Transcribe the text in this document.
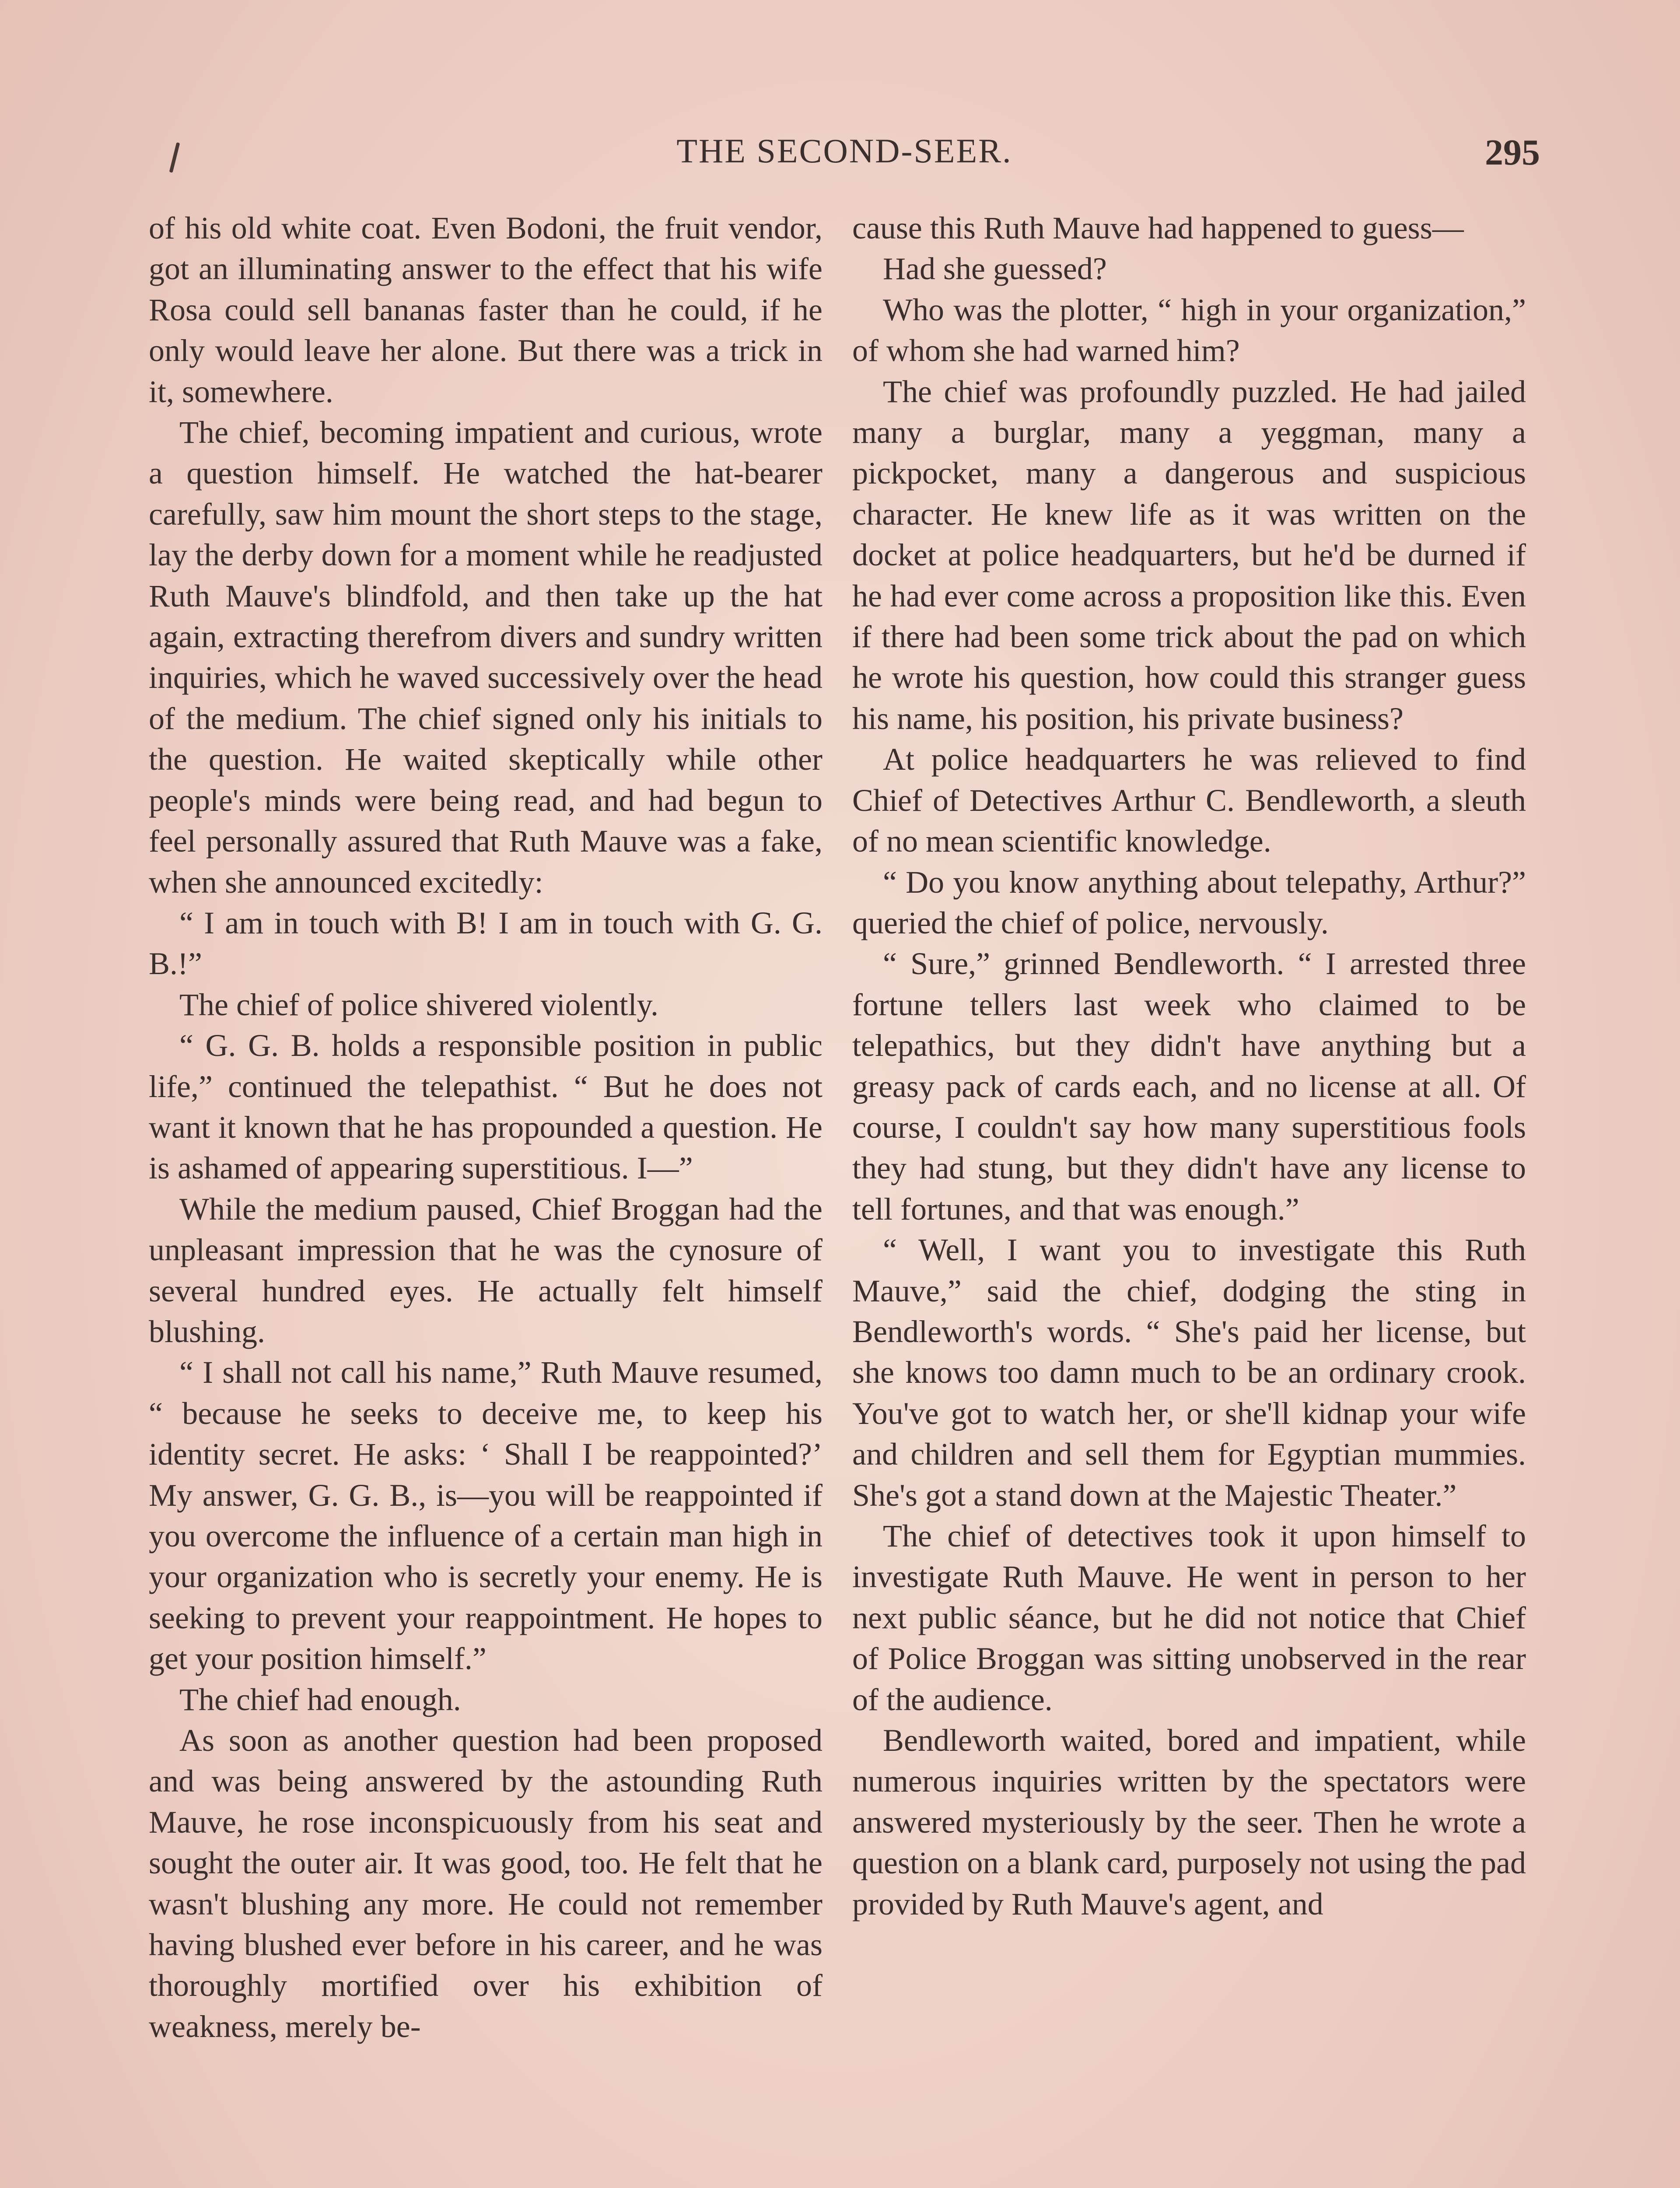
THE SECOND-SEER.	295

of his old white coat. Even Bodoni, the fruit vendor, got an illuminating answer to the effect that his wife Rosa could sell bananas faster than he could, if he only would leave her alone. But there was a trick in it, somewhere.

The chief, becoming impatient and curious, wrote a question himself. He watched the hat-bearer carefully, saw him mount the short steps to the stage, lay the derby down for a moment while he readjusted Ruth Mauve's blindfold, and then take up the hat again, extracting therefrom divers and sundry written inquiries, which he waved successively over the head of the medium. The chief signed only his initials to the question. He waited skeptically while other people's minds were being read, and had begun to feel personally assured that Ruth Mauve was a fake, when she announced excitedly:

“ I am in touch with B! I am in touch with G. G. B.!”

The chief of police shivered violently.

“ G. G. B. holds a responsible position in public life,” continued the telepathist. “ But he does not want it known that he has propounded a question. He is ashamed of appearing superstitious. I—”

While the medium paused, Chief Broggan had the unpleasant impression that he was the cynosure of several hundred eyes. He actually felt himself blushing.

“ I shall not call his name,” Ruth Mauve resumed, “ because he seeks to deceive me, to keep his identity secret. He asks: ‘ Shall I be reappointed?’ My answer, G. G. B., is—you will be reappointed if you overcome the influence of a certain man high in your organization who is secretly your enemy. He is seeking to prevent your reappointment. He hopes to get your position himself.”

The chief had enough.

As soon as another question had been proposed and was being answered by the astounding Ruth Mauve, he rose inconspicuously from his seat and sought the outer air. It was good, too. He felt that he wasn't blushing any more. He could not remember having blushed ever before in his career, and he was thoroughly mortified over his exhibition of weakness, merely be-

cause this Ruth Mauve had happened to guess—

Had she guessed?

Who was the plotter, “ high in your organization,” of whom she had warned him?

The chief was profoundly puzzled. He had jailed many a burglar, many a yeggman, many a pickpocket, many a dangerous and suspicious character. He knew life as it was written on the docket at police headquarters, but he'd be durned if he had ever come across a proposition like this. Even if there had been some trick about the pad on which he wrote his question, how could this stranger guess his name, his position, his private business?

At police headquarters he was relieved to find Chief of Detectives Arthur C. Bendleworth, a sleuth of no mean scientific knowledge.

“ Do you know anything about telepathy, Arthur?” queried the chief of police, nervously.

“ Sure,” grinned Bendleworth. “ I arrested three fortune tellers last week who claimed to be telepathics, but they didn't have anything but a greasy pack of cards each, and no license at all. Of course, I couldn't say how many superstitious fools they had stung, but they didn't have any license to tell fortunes, and that was enough.”

“ Well, I want you to investigate this Ruth Mauve,” said the chief, dodging the sting in Bendleworth's words. “ She's paid her license, but she knows too damn much to be an ordinary crook. You've got to watch her, or she'll kidnap your wife and children and sell them for Egyptian mummies. She's got a stand down at the Majestic Theater.”

The chief of detectives took it upon himself to investigate Ruth Mauve. He went in person to her next public séance, but he did not notice that Chief of Police Broggan was sitting unobserved in the rear of the audience.

Bendleworth waited, bored and impatient, while numerous inquiries written by the spectators were answered mysteriously by the seer. Then he wrote a question on a blank card, purposely not using the pad provided by Ruth Mauve's agent, and
